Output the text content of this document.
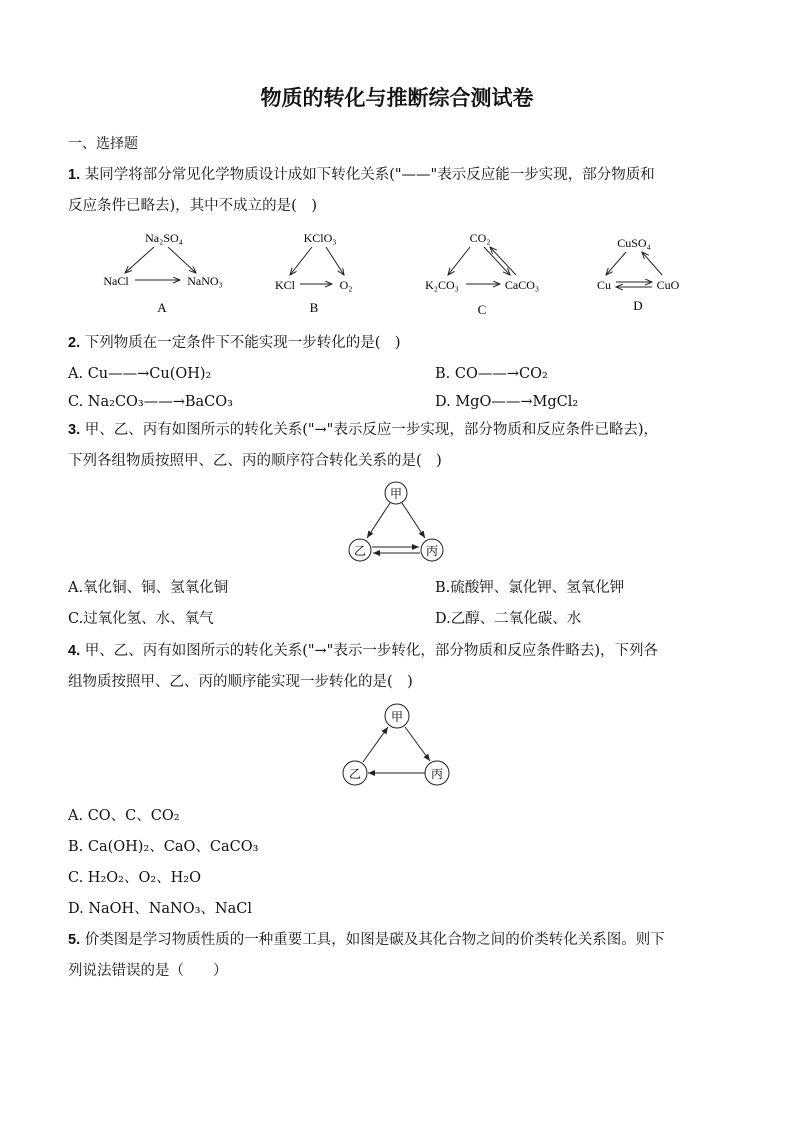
物质的转化与推断综合测试卷
一、选择题
1. 某同学将部分常见化学物质设计成如下转化关系("——"表示反应能一步实现，部分物质和
反应条件已略去)，其中不成立的是(　)
Na₂SO₄
NaCl	NaNO₃
A
KClO₃
KCl	O₂
B
CO₂
K₂CO₃	CaCO₃
C
CuSO₄
Cu	CuO
D
2. 下列物质在一定条件下不能实现一步转化的是(　)
A. Cu——→Cu(OH)₂	B. CO——→CO₂
C. Na₂CO₃——→BaCO₃	D. MgO——→MgCl₂
3. 甲、乙、丙有如图所示的转化关系("→"表示反应一步实现，部分物质和反应条件已略去)，
下列各组物质按照甲、乙、丙的顺序符合转化关系的是(　)
甲
乙	丙
A.氧化铜、铜、氢氧化铜	B.硫酸钾、氯化钾、氢氧化钾
C.过氧化氢、水、氧气	D.乙醇、二氧化碳、水
4. 甲、乙、丙有如图所示的转化关系("→"表示一步转化，部分物质和反应条件略去)，下列各
组物质按照甲、乙、丙的顺序能实现一步转化的是(　)
甲
乙	丙
A. CO、C、CO₂
B. Ca(OH)₂、CaO、CaCO₃
C. H₂O₂、O₂、H₂O
D. NaOH、NaNO₃、NaCl
5. 价类图是学习物质性质的一种重要工具，如图是碳及其化合物之间的价类转化关系图。则下
列说法错误的是（　　）
